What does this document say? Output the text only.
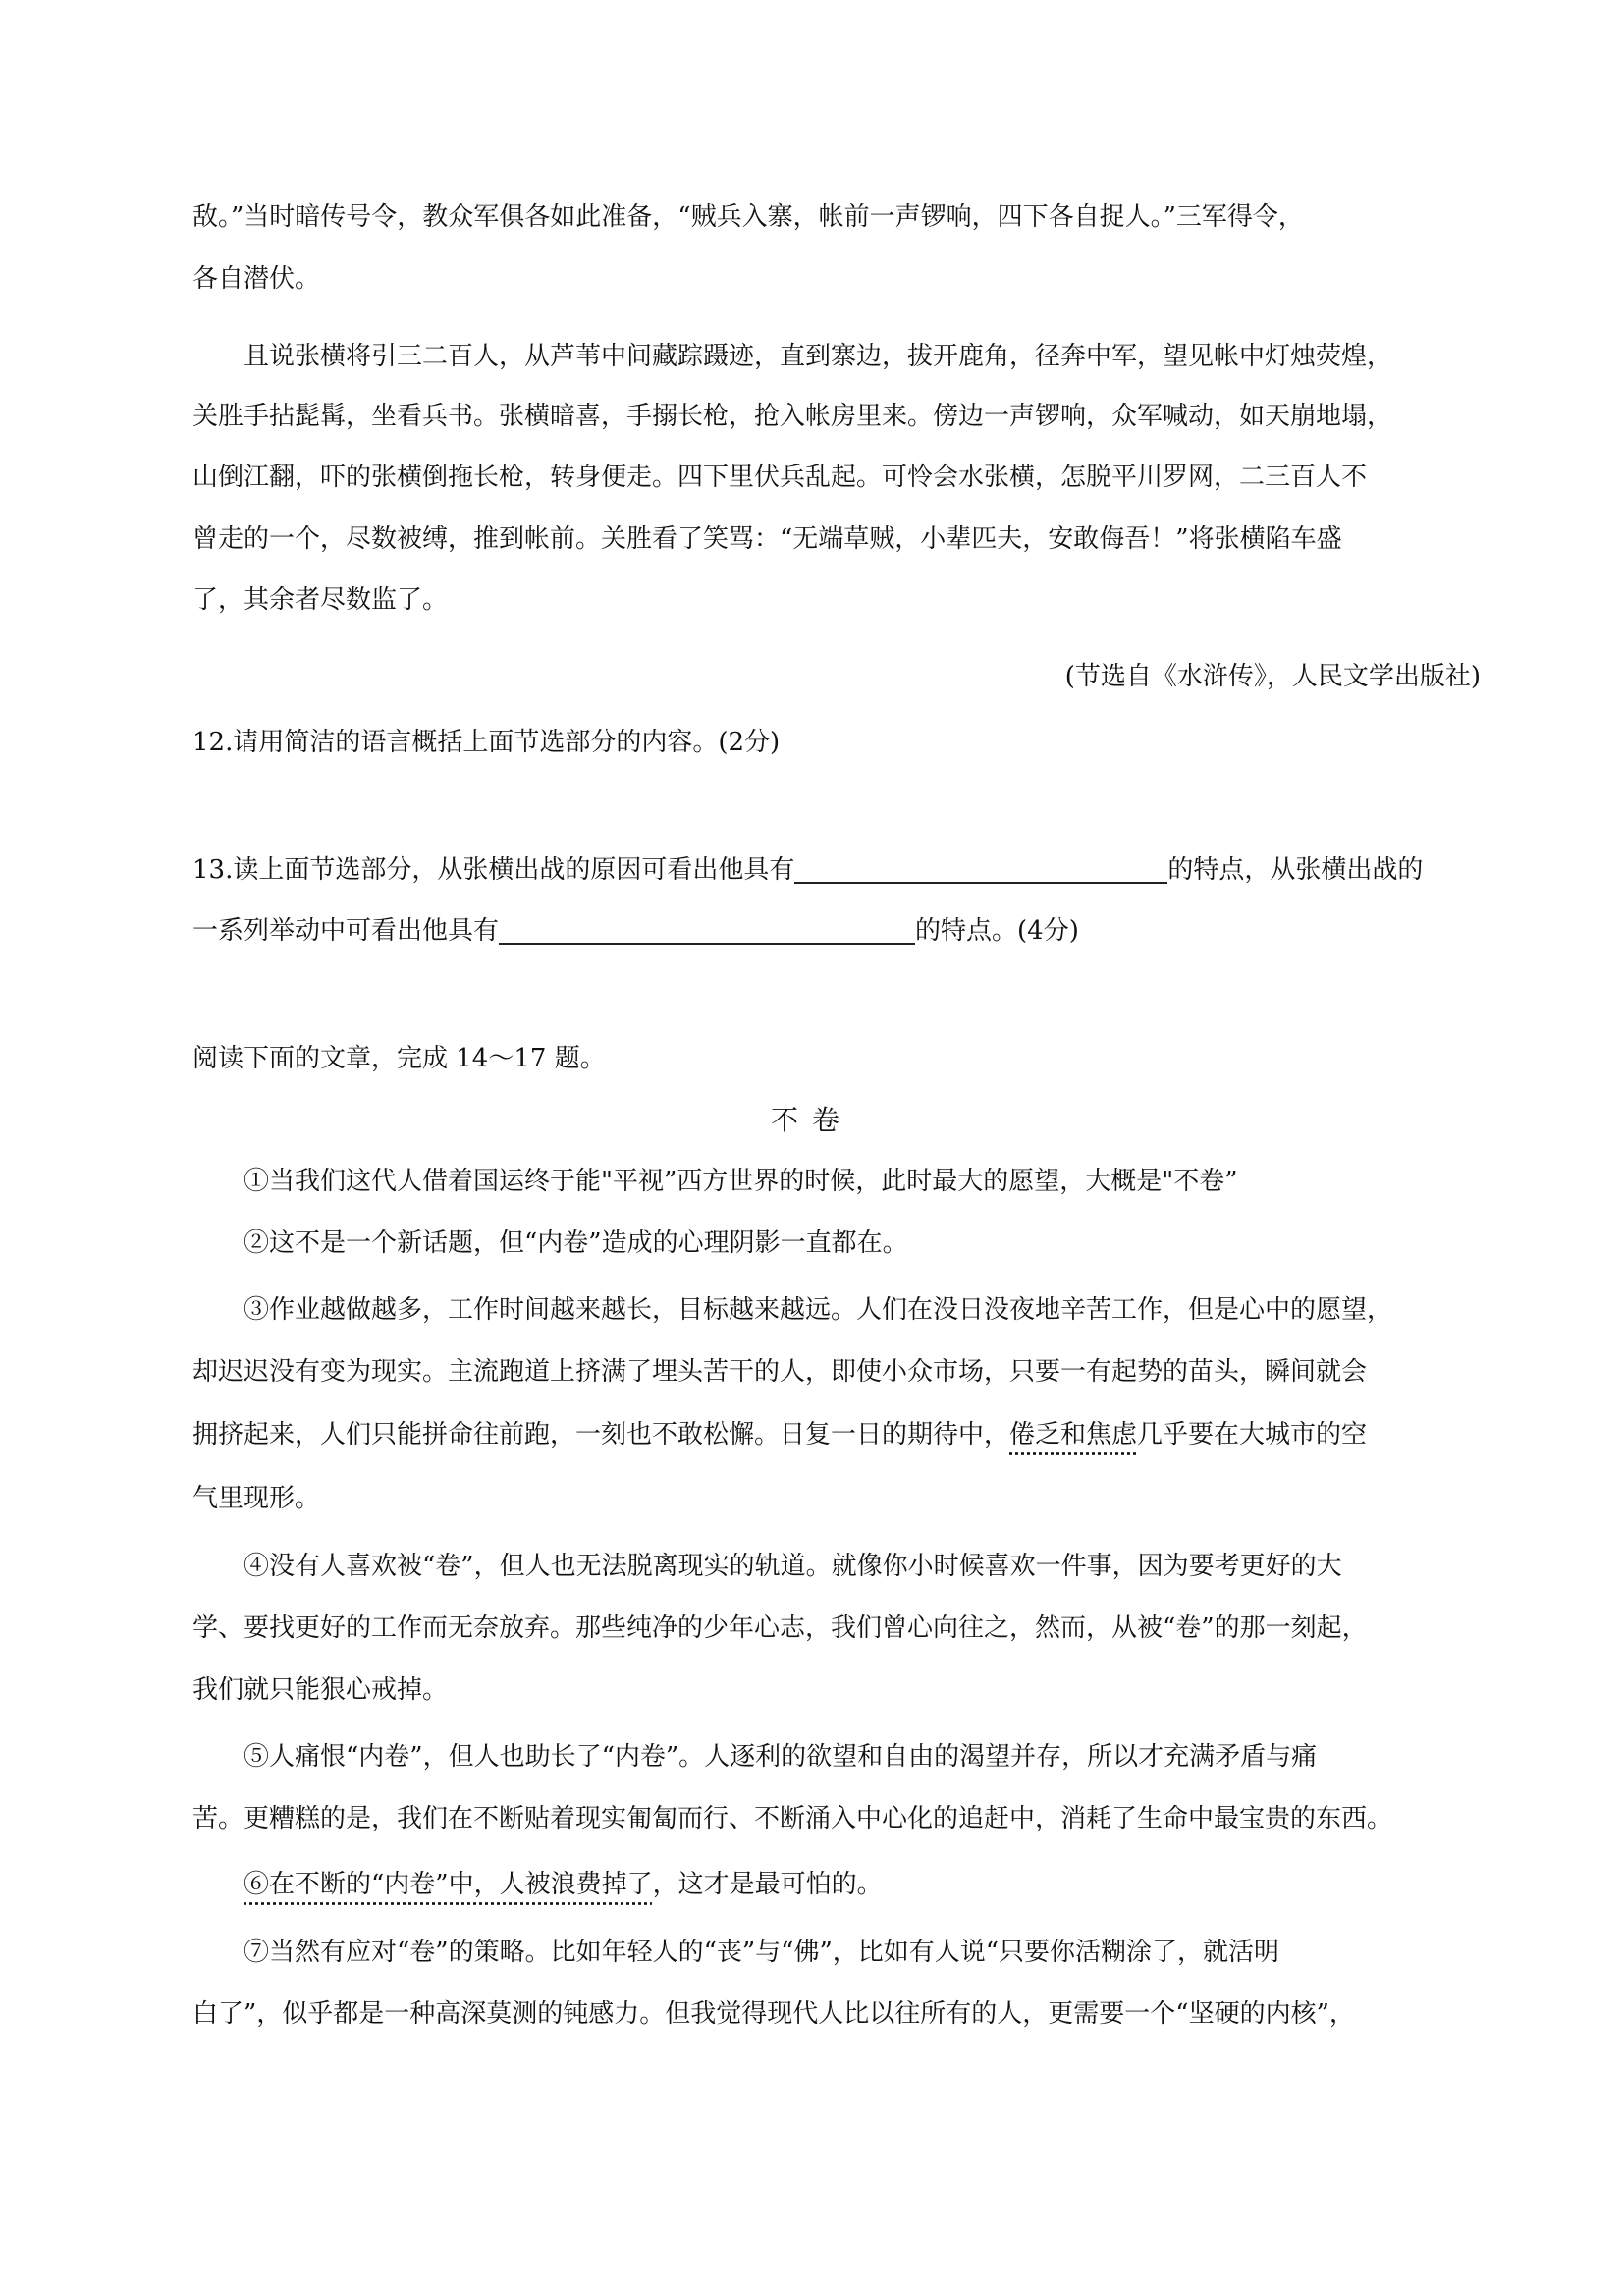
敌。”当时暗传号令，教众军俱各如此准备，“贼兵入寨，帐前一声锣响，四下各自捉人。”三军得令，
各自潜伏。
且说张横将引三二百人，从芦苇中间藏踪蹑迹，直到寨边，拔开鹿角，径奔中军，望见帐中灯烛荧煌，
关胜手拈髭髯，坐看兵书。张横暗喜，手搦长枪，抢入帐房里来。傍边一声锣响，众军喊动，如天崩地塌，
山倒江翻，吓的张横倒拖长枪，转身便走。四下里伏兵乱起。可怜会水张横，怎脱平川罗网，二三百人不
曾走的一个，尽数被缚，推到帐前。关胜看了笑骂：“无端草贼，小辈匹夫，安敢侮吾！”将张横陷车盛
了，其余者尽数监了。
(节选自《水浒传》，人民文学出版社)
12.请用简洁的语言概括上面节选部分的内容。(2分)
13.读上面节选部分，从张横出战的原因可看出他具有	的特点，从张横出战的
一系列举动中可看出他具有	的特点。(4分)
阅读下面的文章，完成 14～17 题。
不卷
①当我们这代人借着国运终于能"平视”西方世界的时候，此时最大的愿望，大概是"不卷”
②这不是一个新话题，但“内卷”造成的心理阴影一直都在。
③作业越做越多，工作时间越来越长，目标越来越远。人们在没日没夜地辛苦工作，但是心中的愿望，
却迟迟没有变为现实。主流跑道上挤满了埋头苦干的人，即使小众市场，只要一有起势的苗头，瞬间就会
拥挤起来，人们只能拼命往前跑，一刻也不敢松懈。日复一日的期待中，倦乏和焦虑几乎要在大城市的空
气里现形。
④没有人喜欢被“卷”，但人也无法脱离现实的轨道。就像你小时候喜欢一件事，因为要考更好的大
学、要找更好的工作而无奈放弃。那些纯净的少年心志，我们曾心向往之，然而，从被“卷”的那一刻起，
我们就只能狠心戒掉。
⑤人痛恨“内卷”，但人也助长了“内卷”。人逐利的欲望和自由的渴望并存，所以才充满矛盾与痛
苦。更糟糕的是，我们在不断贴着现实匍匐而行、不断涌入中心化的追赶中，消耗了生命中最宝贵的东西。
⑥在不断的“内卷”中，人被浪费掉了，这才是最可怕的。
⑦当然有应对“卷”的策略。比如年轻人的“丧”与“佛”，比如有人说“只要你活糊涂了，就活明
白了”，似乎都是一种高深莫测的钝感力。但我觉得现代人比以往所有的人，更需要一个“坚硬的内核”，
